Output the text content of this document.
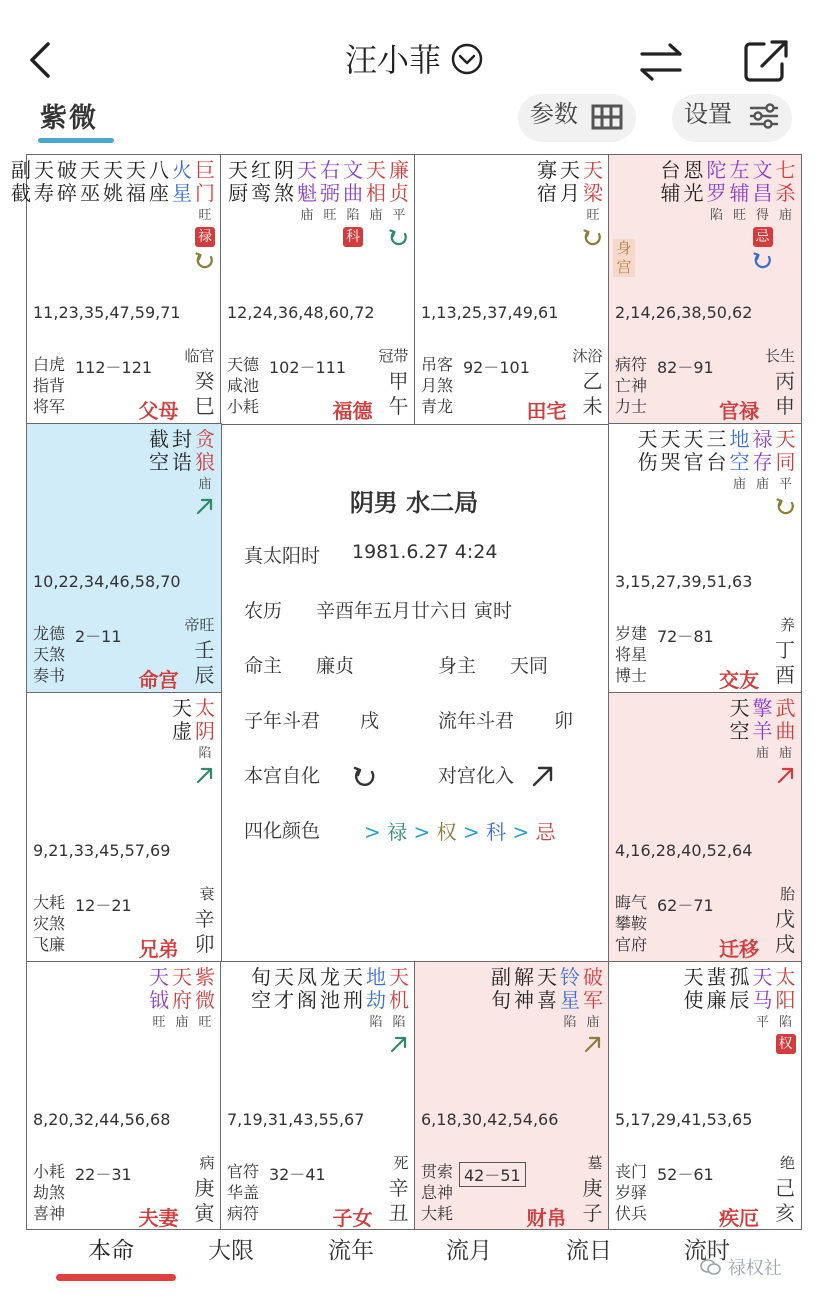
汪小菲
紫微	参数	设置
阴男 水二局
真太阳时 1981.6.27 4:24
农历 辛酉年五月廿六日 寅时
命主 廉贞	身主 天同
子年斗君 戌	流年斗君 卯
本宫自化	对宫化入
四化颜色 > 禄 > 权 > 科 > 忌
巨
门
旺
禄
火
星
八
座
天
福
天
姚
天
巫
破
碎
天
寿
副
截
11,23,35,47,59,71
白虎
指背
将军
112－121
临官
癸
巳
父母
廉
贞
平
天
相
庙
文
曲
陷
科
右
弼
旺
天
魁
庙
阴
煞
红
鸾
天
厨
12,24,36,48,60,72
天德
咸池
小耗
102－111
冠带
甲
午
福德
天
梁
旺
天
月
寡
宿
1,13,25,37,49,61
吊客
月煞
青龙
92－101
沐浴
乙
未
田宅
七
杀
庙
文
昌
得
忌
左
辅
旺
陀
罗
陷
恩
光
台
辅
身宫
2,14,26,38,50,62
病符
亡神
力士
82－91
长生
丙
申
官禄
贪
狼
庙
封
诰
截
空
10,22,34,46,58,70
龙德
天煞
奏书
2－11
帝旺
壬
辰
命宫
天
同
平
禄
存
庙
地
空
庙
三
台
天
官
天
哭
天
伤
3,15,27,39,51,63
岁建
将星
博士
72－81
养
丁
酉
交友
太
阴
陷
天
虚
9,21,33,45,57,69
大耗
灾煞
飞廉
12－21
衰
辛
卯
兄弟
武
曲
庙
擎
羊
庙
天
空
4,16,28,40,52,64
晦气
攀鞍
官府
62－71
胎
戊
戌
迁移
紫
微
旺
天
府
庙
天
钺
旺
8,20,32,44,56,68
小耗
劫煞
喜神
22－31
病
庚
寅
夫妻
天
机
陷
地
劫
陷
天
刑
龙
池
凤
阁
天
才
旬
空
7,19,31,43,55,67
官符
华盖
病符
32－41
死
辛
丑
子女
破
军
庙
铃
星
陷
天
喜
解
神
副
旬
6,18,30,42,54,66
贯索
息神
大耗
42－51
墓
庚
子
财帛
太
阳
陷
权
天
马
平
孤
辰
蜚
廉
天
使
5,17,29,41,53,65
丧门
岁驿
伏兵
52－61
绝
己
亥
疾厄
本命	大限	流年	流月	流日	流时
禄权社
